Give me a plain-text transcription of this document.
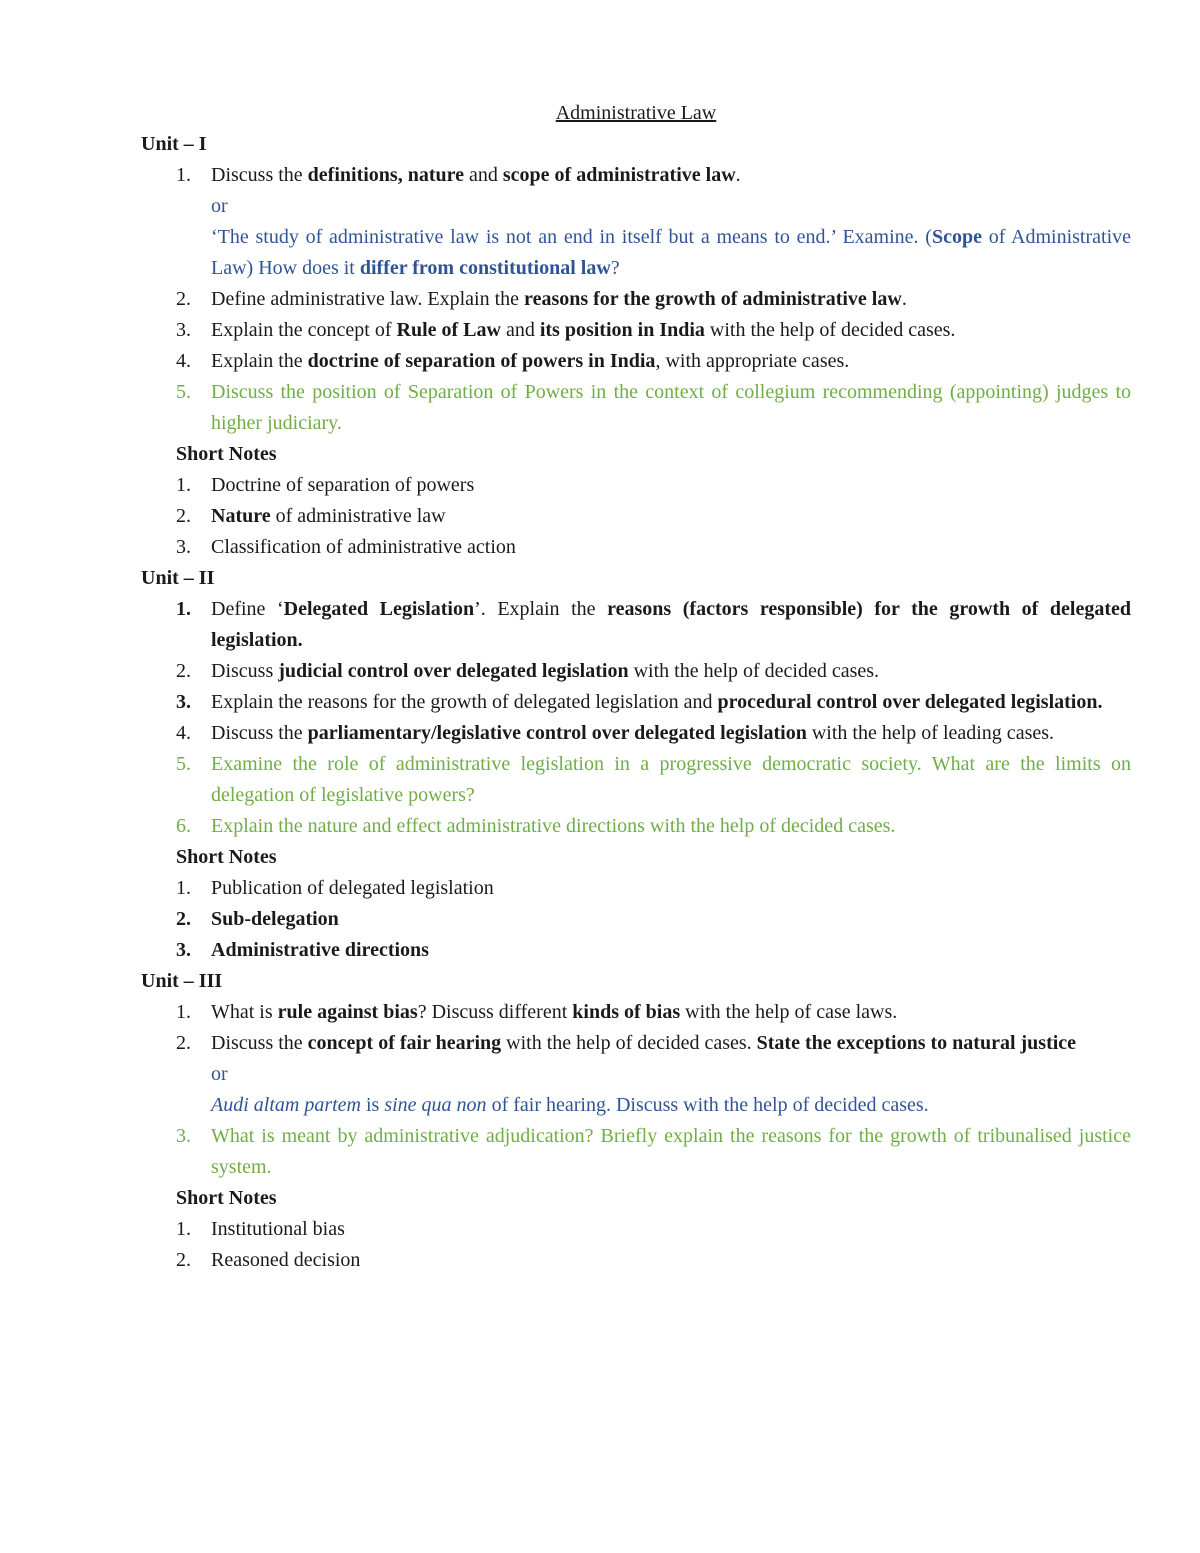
Administrative Law
Unit – I
1.	Discuss the definitions, nature and scope of administrative law.
or
‘The study of administrative law is not an end in itself but a means to end.’ Examine. (Scope of Administrative Law) How does it differ from constitutional law?
2.	Define administrative law. Explain the reasons for the growth of administrative law.
3.	Explain the concept of Rule of Law and its position in India with the help of decided cases.
4.	Explain the doctrine of separation of powers in India, with appropriate cases.
5.	Discuss the position of Separation of Powers in the context of collegium recommending (appointing) judges to higher judiciary.
Short Notes
1.	Doctrine of separation of powers
2.	Nature of administrative law
3.	Classification of administrative action
Unit – II
1.	Define ‘Delegated Legislation’. Explain the reasons (factors responsible) for the growth of delegated legislation.
2.	Discuss judicial control over delegated legislation with the help of decided cases.
3.	Explain the reasons for the growth of delegated legislation and procedural control over delegated legislation.
4.	Discuss the parliamentary/legislative control over delegated legislation with the help of leading cases.
5.	Examine the role of administrative legislation in a progressive democratic society. What are the limits on delegation of legislative powers?
6.	Explain the nature and effect administrative directions with the help of decided cases.
Short Notes
1.	Publication of delegated legislation
2.	Sub-delegation
3.	Administrative directions
Unit – III
1.	What is rule against bias? Discuss different kinds of bias with the help of case laws.
2.	Discuss the concept of fair hearing with the help of decided cases. State the exceptions to natural justice
or
Audi altam partem is sine qua non of fair hearing. Discuss with the help of decided cases.
3.	What is meant by administrative adjudication? Briefly explain the reasons for the growth of tribunalised justice system.
Short Notes
1.	Institutional bias
2.	Reasoned decision
